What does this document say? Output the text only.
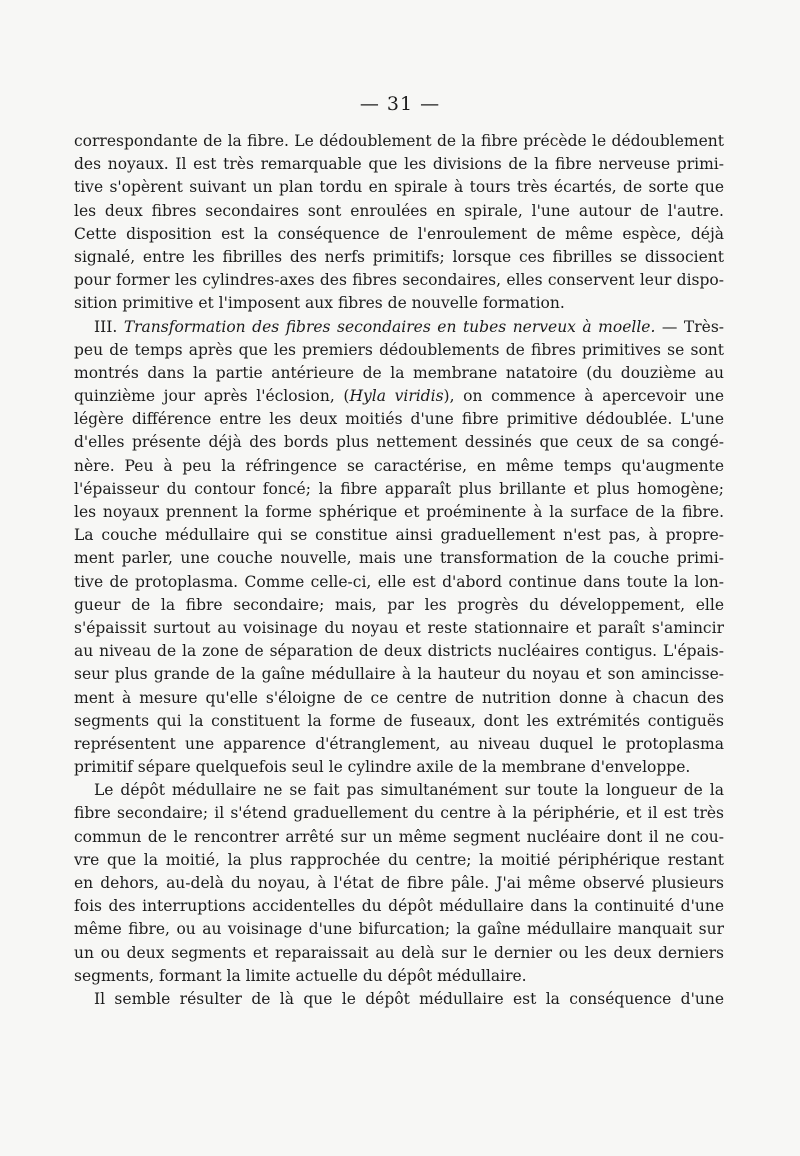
— 31 —
correspondante de la fibre. Le dédoublement de la fibre précède le dédoublement
des noyaux. Il est très remarquable que les divisions de la fibre nerveuse primi-
tive s'opèrent suivant un plan tordu en spirale à tours très écartés, de sorte que
les deux fibres secondaires sont enroulées en spirale, l'une autour de l'autre.
Cette disposition est la conséquence de l'enroulement de même espèce, déjà
signalé, entre les fibrilles des nerfs primitifs; lorsque ces fibrilles se dissocient
pour former les cylindres-axes des fibres secondaires, elles conservent leur dispo-
sition primitive et l'imposent aux fibres de nouvelle formation.
III. Transformation des fibres secondaires en tubes nerveux à moelle. — Très-
peu de temps après que les premiers dédoublements de fibres primitives se sont
montrés dans la partie antérieure de la membrane natatoire (du douzième au
quinzième jour après l'éclosion, (Hyla viridis), on commence à apercevoir une
légère différence entre les deux moitiés d'une fibre primitive dédoublée. L'une
d'elles présente déjà des bords plus nettement dessinés que ceux de sa congé-
nère. Peu à peu la réfringence se caractérise, en même temps qu'augmente
l'épaisseur du contour foncé; la fibre apparaît plus brillante et plus homogène;
les noyaux prennent la forme sphérique et proéminente à la surface de la fibre.
La couche médullaire qui se constitue ainsi graduellement n'est pas, à propre-
ment parler, une couche nouvelle, mais une transformation de la couche primi-
tive de protoplasma. Comme celle-ci, elle est d'abord continue dans toute la lon-
gueur de la fibre secondaire; mais, par les progrès du développement, elle
s'épaissit surtout au voisinage du noyau et reste stationnaire et paraît s'amincir
au niveau de la zone de séparation de deux districts nucléaires contigus. L'épais-
seur plus grande de la gaîne médullaire à la hauteur du noyau et son amincisse-
ment à mesure qu'elle s'éloigne de ce centre de nutrition donne à chacun des
segments qui la constituent la forme de fuseaux, dont les extrémités contiguës
représentent une apparence d'étranglement, au niveau duquel le protoplasma
primitif sépare quelquefois seul le cylindre axile de la membrane d'enveloppe.
Le dépôt médullaire ne se fait pas simultanément sur toute la longueur de la
fibre secondaire; il s'étend graduellement du centre à la périphérie, et il est très
commun de le rencontrer arrêté sur un même segment nucléaire dont il ne cou-
vre que la moitié, la plus rapprochée du centre; la moitié périphérique restant
en dehors, au-delà du noyau, à l'état de fibre pâle. J'ai même observé plusieurs
fois des interruptions accidentelles du dépôt médullaire dans la continuité d'une
même fibre, ou au voisinage d'une bifurcation; la gaîne médullaire manquait sur
un ou deux segments et reparaissait au delà sur le dernier ou les deux derniers
segments, formant la limite actuelle du dépôt médullaire.
Il semble résulter de là que le dépôt médullaire est la conséquence d'une
